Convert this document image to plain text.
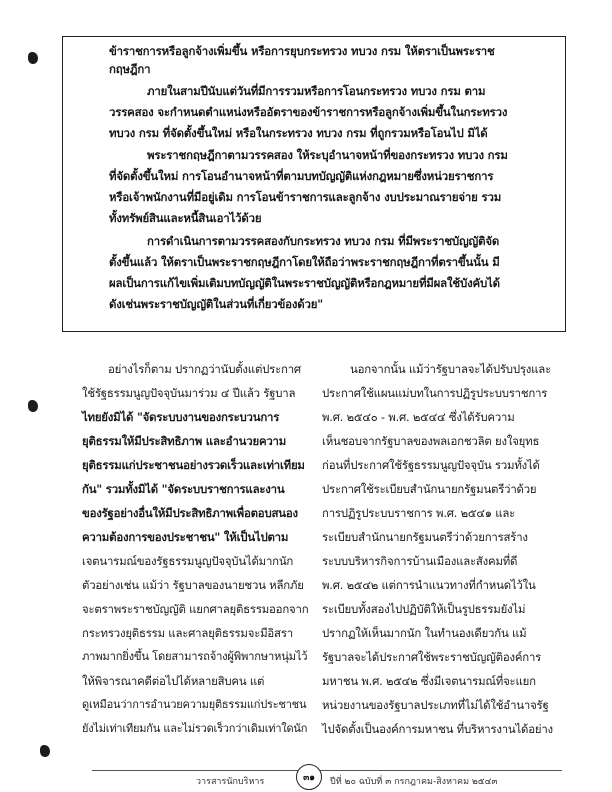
ข้าราชการหรือลูกจ้างเพิ่มขึ้น หรือการยุบกระทรวง ทบวง กรม ให้ตราเป็นพระราช
กฤษฎีกา
ภายในสามปีนับแต่วันที่มีการรวมหรือการโอนกระทรวง ทบวง กรม ตาม
วรรคสอง จะกำหนดตำแหน่งหรืออัตราของข้าราชการหรือลูกจ้างเพิ่มขึ้นในกระทรวง
ทบวง กรม ที่จัดตั้งขึ้นใหม่ หรือในกระทรวง ทบวง กรม ที่ถูกรวมหรือโอนไป มิได้
พระราชกฤษฎีกาตามวรรคสอง ให้ระบุอำนาจหน้าที่ของกระทรวง ทบวง กรม
ที่จัดตั้งขึ้นใหม่ การโอนอำนาจหน้าที่ตามบทบัญญัติแห่งกฎหมายซึ่งหน่วยราชการ
หรือเจ้าพนักงานที่มีอยู่เดิม การโอนข้าราชการและลูกจ้าง งบประมาณรายจ่าย รวม
ทั้งทรัพย์สินและหนี้สินเอาไว้ด้วย
การดำเนินการตามวรรคสองกับกระทรวง ทบวง กรม ที่มีพระราชบัญญัติจัด
ตั้งขึ้นแล้ว ให้ตราเป็นพระราชกฤษฎีกาโดยให้ถือว่าพระราชกฤษฎีกาที่ตราขึ้นนั้น มี
ผลเป็นการแก้ไขเพิ่มเติมบทบัญญัติในพระราชบัญญัติหรือกฎหมายที่มีผลใช้บังคับได้
ดังเช่นพระราชบัญญัติในส่วนที่เกี่ยวข้องด้วย"
อย่างไรก็ตาม ปรากฏว่านับตั้งแต่ประกาศ
ใช้รัฐธรรมนูญปัจจุบันมาร่วม ๔ ปีแล้ว รัฐบาล
ไทยยังมิได้ "จัดระบบงานของกระบวนการ
ยุติธรรมให้มีประสิทธิภาพ และอำนวยความ
ยุติธรรมแก่ประชาชนอย่างรวดเร็วและเท่าเทียม
กัน" รวมทั้งมิได้ "จัดระบบราชการและงาน
ของรัฐอย่างอื่นให้มีประสิทธิภาพเพื่อตอบสนอง
ความต้องการของประชาชน" ให้เป็นไปตาม
เจตนารมณ์ของรัฐธรรมนูญปัจจุบันได้มากนัก
ตัวอย่างเช่น แม้ว่า รัฐบาลของนายชวน หลีกภัย
จะตราพระราชบัญญัติ แยกศาลยุติธรรมออกจาก
กระทรวงยุติธรรม และศาลยุติธรรมจะมีอิสรา
ภาพมากยิ่งขึ้น โดยสามารถจ้างผู้พิพากษาหนุ่มไว้
ให้พิจารณาคดีต่อไปได้หลายสิบคน แต่
ดูเหมือนว่าการอำนวยความยุติธรรมแก่ประชาชน
ยังไม่เท่าเทียมกัน และไม่รวดเร็วกว่าเดิมเท่าใดนัก
นอกจากนั้น แม้ว่ารัฐบาลจะได้ปรับปรุงและ
ประกาศใช้แผนแม่บทในการปฏิรูประบบราชการ
พ.ศ. ๒๕๔๐ - พ.ศ. ๒๕๔๔ ซึ่งได้รับความ
เห็นชอบจากรัฐบาลของพลเอกชวลิต ยงใจยุทธ
ก่อนที่ประกาศใช้รัฐธรรมนูญปัจจุบัน รวมทั้งได้
ประกาศใช้ระเบียบสำนักนายกรัฐมนตรีว่าด้วย
การปฏิรูประบบราชการ พ.ศ. ๒๕๔๑ และ
ระเบียบสำนักนายกรัฐมนตรีว่าด้วยการสร้าง
ระบบบริหารกิจการบ้านเมืองและสังคมที่ดี
พ.ศ. ๒๕๔๒ แต่การนำแนวทางที่กำหนดไว้ใน
ระเบียบทั้งสองไปปฏิบัติให้เป็นรูปธรรมยังไม่
ปรากฏให้เห็นมากนัก ในทำนองเดียวกัน แม้
รัฐบาลจะได้ประกาศใช้พระราชบัญญัติองค์การ
มหาชน พ.ศ. ๒๕๔๒ ซึ่งมีเจตนารมณ์ที่จะแยก
หน่วยงานของรัฐบาลประเภทที่ไม่ได้ใช้อำนาจรัฐ
ไปจัดตั้งเป็นองค์การมหาชน ที่บริหารงานได้อย่าง
วารสารนักบริหาร	๓๑ ปีที่ ๒๐ ฉบับที่ ๓ กรกฎาคม-สิงหาคม ๒๕๔๓
